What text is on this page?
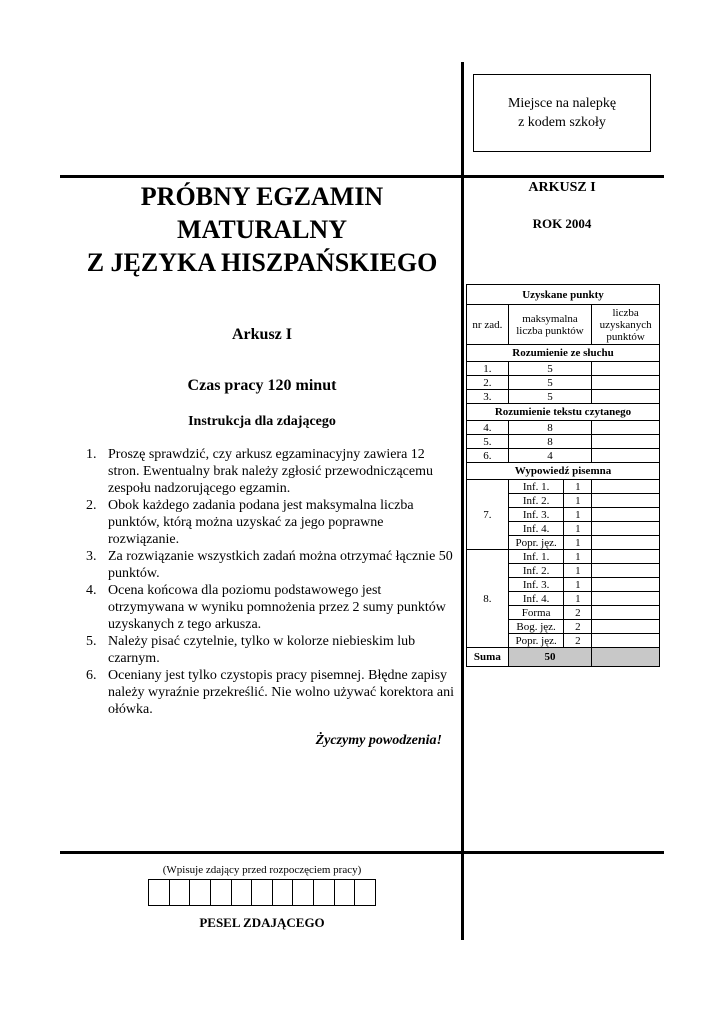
Miejsce na nalepkę
z kodem szkoły
PRÓBNY EGZAMIN
MATURALNY
Z JĘZYKA HISZPAŃSKIEGO
ARKUSZ I
ROK 2004
Arkusz I
Czas pracy 120 minut
Instrukcja dla zdającego
1. Proszę sprawdzić, czy arkusz egzaminacyjny zawiera 12 stron. Ewentualny brak należy zgłosić przewodniczącemu zespołu nadzorującego egzamin.
2. Obok każdego zadania podana jest maksymalna liczba punktów, którą można uzyskać za jego poprawne rozwiązanie.
3. Za rozwiązanie wszystkich zadań można otrzymać łącznie 50 punktów.
4. Ocena końcowa dla poziomu podstawowego jest otrzymywana w wyniku pomnożenia przez 2 sumy punktów uzyskanych z tego arkusza.
5. Należy pisać czytelnie, tylko w kolorze niebieskim lub czarnym.
6. Oceniany jest tylko czystopis pracy pisemnej. Błędne zapisy należy wyraźnie przekreślić. Nie wolno używać korektora ani ołówka.
Życzymy powodzenia!
Uzyskane punkty			
nr zad.	maksymalna liczba punktów		liczba uzyskanych punktów
Rozumienie ze słuchu			
1.	5		
2.	5		
3.	5		
Rozumienie tekstu czytanego			
4.	8		
5.	8		
6.	4		
Wypowiedź pisemna			
7.	Inf. 1.	1	
	Inf. 2.	1	
	Inf. 3.	1	
	Inf. 4.	1	
	Popr. jęz.	1	
8.	Inf. 1.	1	
	Inf. 2.	1	
	Inf. 3.	1	
	Inf. 4.	1	
	Forma	2	
	Bog. jęz.	2	
	Popr. jęz.	2	
Suma	50		
(Wpisuje zdający przed rozpoczęciem pracy)
PESEL ZDAJĄCEGO
